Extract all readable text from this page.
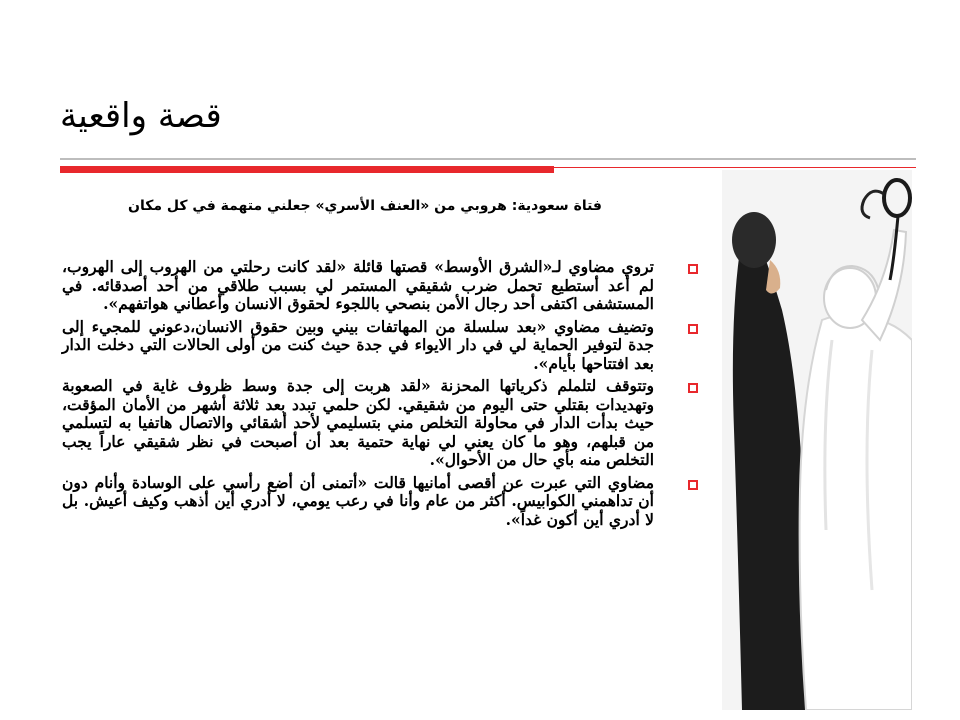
قصة واقعية
فتاة سعودية: هروبي من «العنف الأسري» جعلني متهمة في كل مكان
تروي مضاوي لـ«الشرق الأوسط» قصتها قائلة «لقد كانت رحلتي من الهروب إلى الهروب، لم أعد أستطيع تحمل ضرب شقيقي المستمر لي بسبب طلاقي من أحد أصدقائه. في المستشفى اكتفى أحد رجال الأمن بنصحي باللجوء لحقوق الانسان وأعطاني هواتفهم».
وتضيف مضاوي «بعد سلسلة من المهاتفات بيني وبين حقوق الانسان،دعوني للمجيء إلى جدة لتوفير الحماية لي في دار الايواء في جدة حيث كنت من أولى الحالات التي دخلت الدار بعد افتتاحها بأيام».
وتتوقف لتلملم ذكرياتها المحزنة «لقد هربت إلى جدة وسط ظروف غاية في الصعوبة وتهديدات بقتلي حتى اليوم من شقيقي. لكن حلمي تبدد بعد ثلاثة أشهر من الأمان المؤقت، حيث بدأت الدار في محاولة التخلص مني بتسليمي لأحد أشقائي والاتصال هاتفيا به لتسلمي من قبلهم، وهو ما كان يعني لي نهاية حتمية بعد أن أصبحت في نظر شقيقي عاراً يجب التخلص منه بأي حال من الأحوال».
مضاوي التي عبرت عن أقصى أمانيها قالت «أتمنى أن أضع رأسي على الوسادة وأنام دون أن تداهمني الكوابيس. أكثر من عام وأنا في رعب يومي، لا أدري أين أذهب وكيف أعيش. بل لا أدري أين أكون غداً».
